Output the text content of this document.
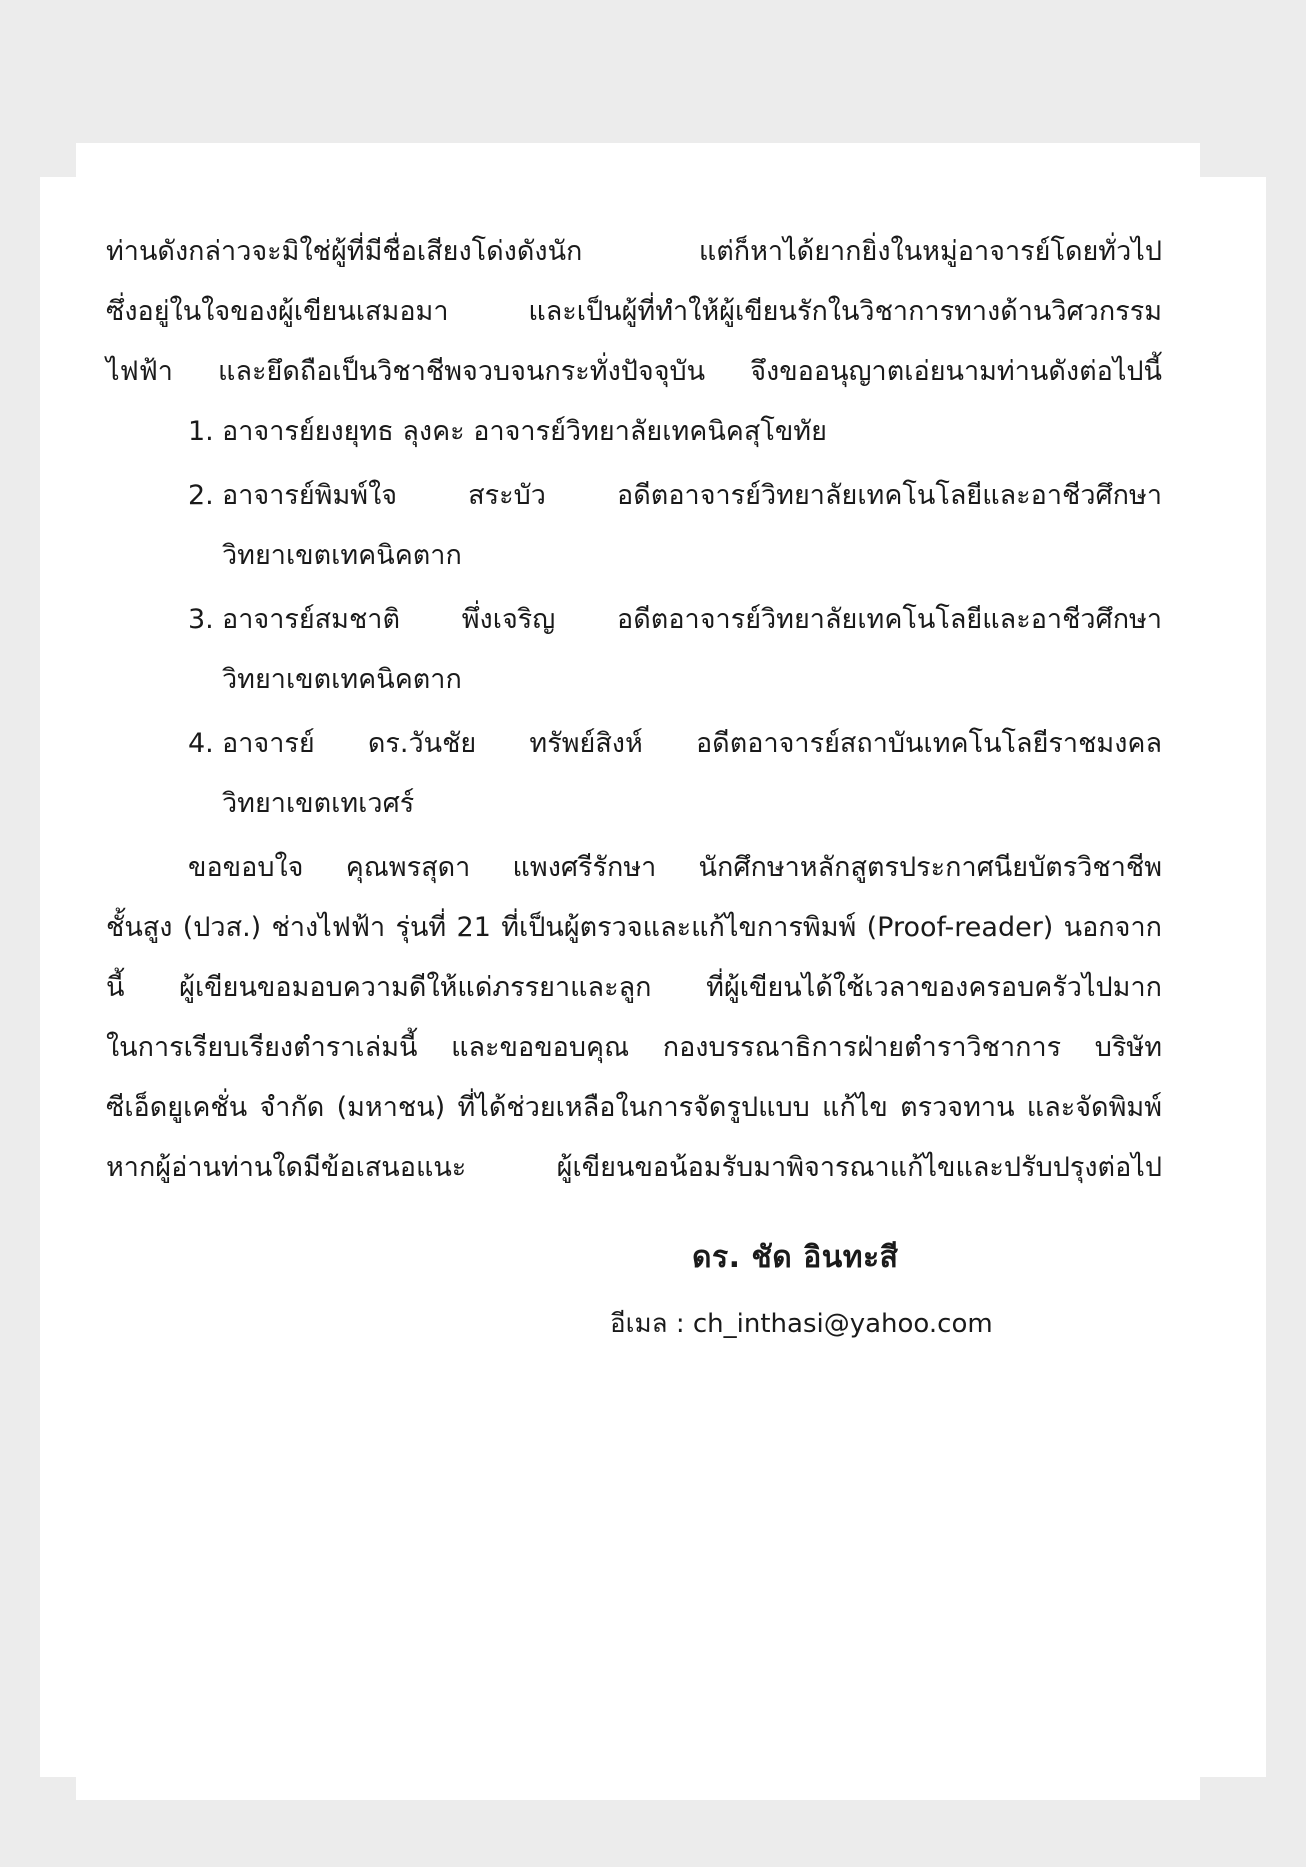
ท่านดังกล่าวจะมิใช่ผู้ที่มีชื่อเสียงโด่งดังนัก แต่ก็หาได้ยากยิ่งในหมู่อาจารย์โดยทั่วไป

ซึ่งอยู่ในใจของผู้เขียนเสมอมา และเป็นผู้ที่ทำให้ผู้เขียนรักในวิชาการทางด้านวิศวกรรม

ไฟฟ้า และยึดถือเป็นวิชาชีพจวบจนกระทั่งปัจจุบัน จึงขออนุญาตเอ่ยนามท่านดังต่อไปนี้

1. อาจารย์ยงยุทธ ลุงคะ อาจารย์วิทยาลัยเทคนิคสุโขทัย
2. อาจารย์พิมพ์ใจ สระบัว อดีตอาจารย์วิทยาลัยเทคโนโลยีและอาชีวศึกษา
วิทยาเขตเทคนิคตาก
3. อาจารย์สมชาติ พึ่งเจริญ อดีตอาจารย์วิทยาลัยเทคโนโลยีและอาชีวศึกษา
วิทยาเขตเทคนิคตาก
4. อาจารย์ ดร.วันชัย ทรัพย์สิงห์ อดีตอาจารย์สถาบันเทคโนโลยีราชมงคล
วิทยาเขตเทเวศร์

ขอขอบใจ คุณพรสุดา แพงศรีรักษา นักศึกษาหลักสูตรประกาศนียบัตรวิชาชีพ

ชั้นสูง (ปวส.) ช่างไฟฟ้า รุ่นที่ 21 ที่เป็นผู้ตรวจและแก้ไขการพิมพ์ (Proof-reader) นอกจาก

นี้ ผู้เขียนขอมอบความดีให้แด่ภรรยาและลูก ที่ผู้เขียนได้ใช้เวลาของครอบครัวไปมาก

ในการเรียบเรียงตำราเล่มนี้ และขอขอบคุณ กองบรรณาธิการฝ่ายตำราวิชาการ บริษัท

ซีเอ็ดยูเคชั่น จำกัด (มหาชน) ที่ได้ช่วยเหลือในการจัดรูปแบบ แก้ไข ตรวจทาน และจัดพิมพ์

หากผู้อ่านท่านใดมีข้อเสนอแนะ ผู้เขียนขอน้อมรับมาพิจารณาแก้ไขและปรับปรุงต่อไป

ดร. ชัด อินทะสี
อีเมล : ch_inthasi@yahoo.com
